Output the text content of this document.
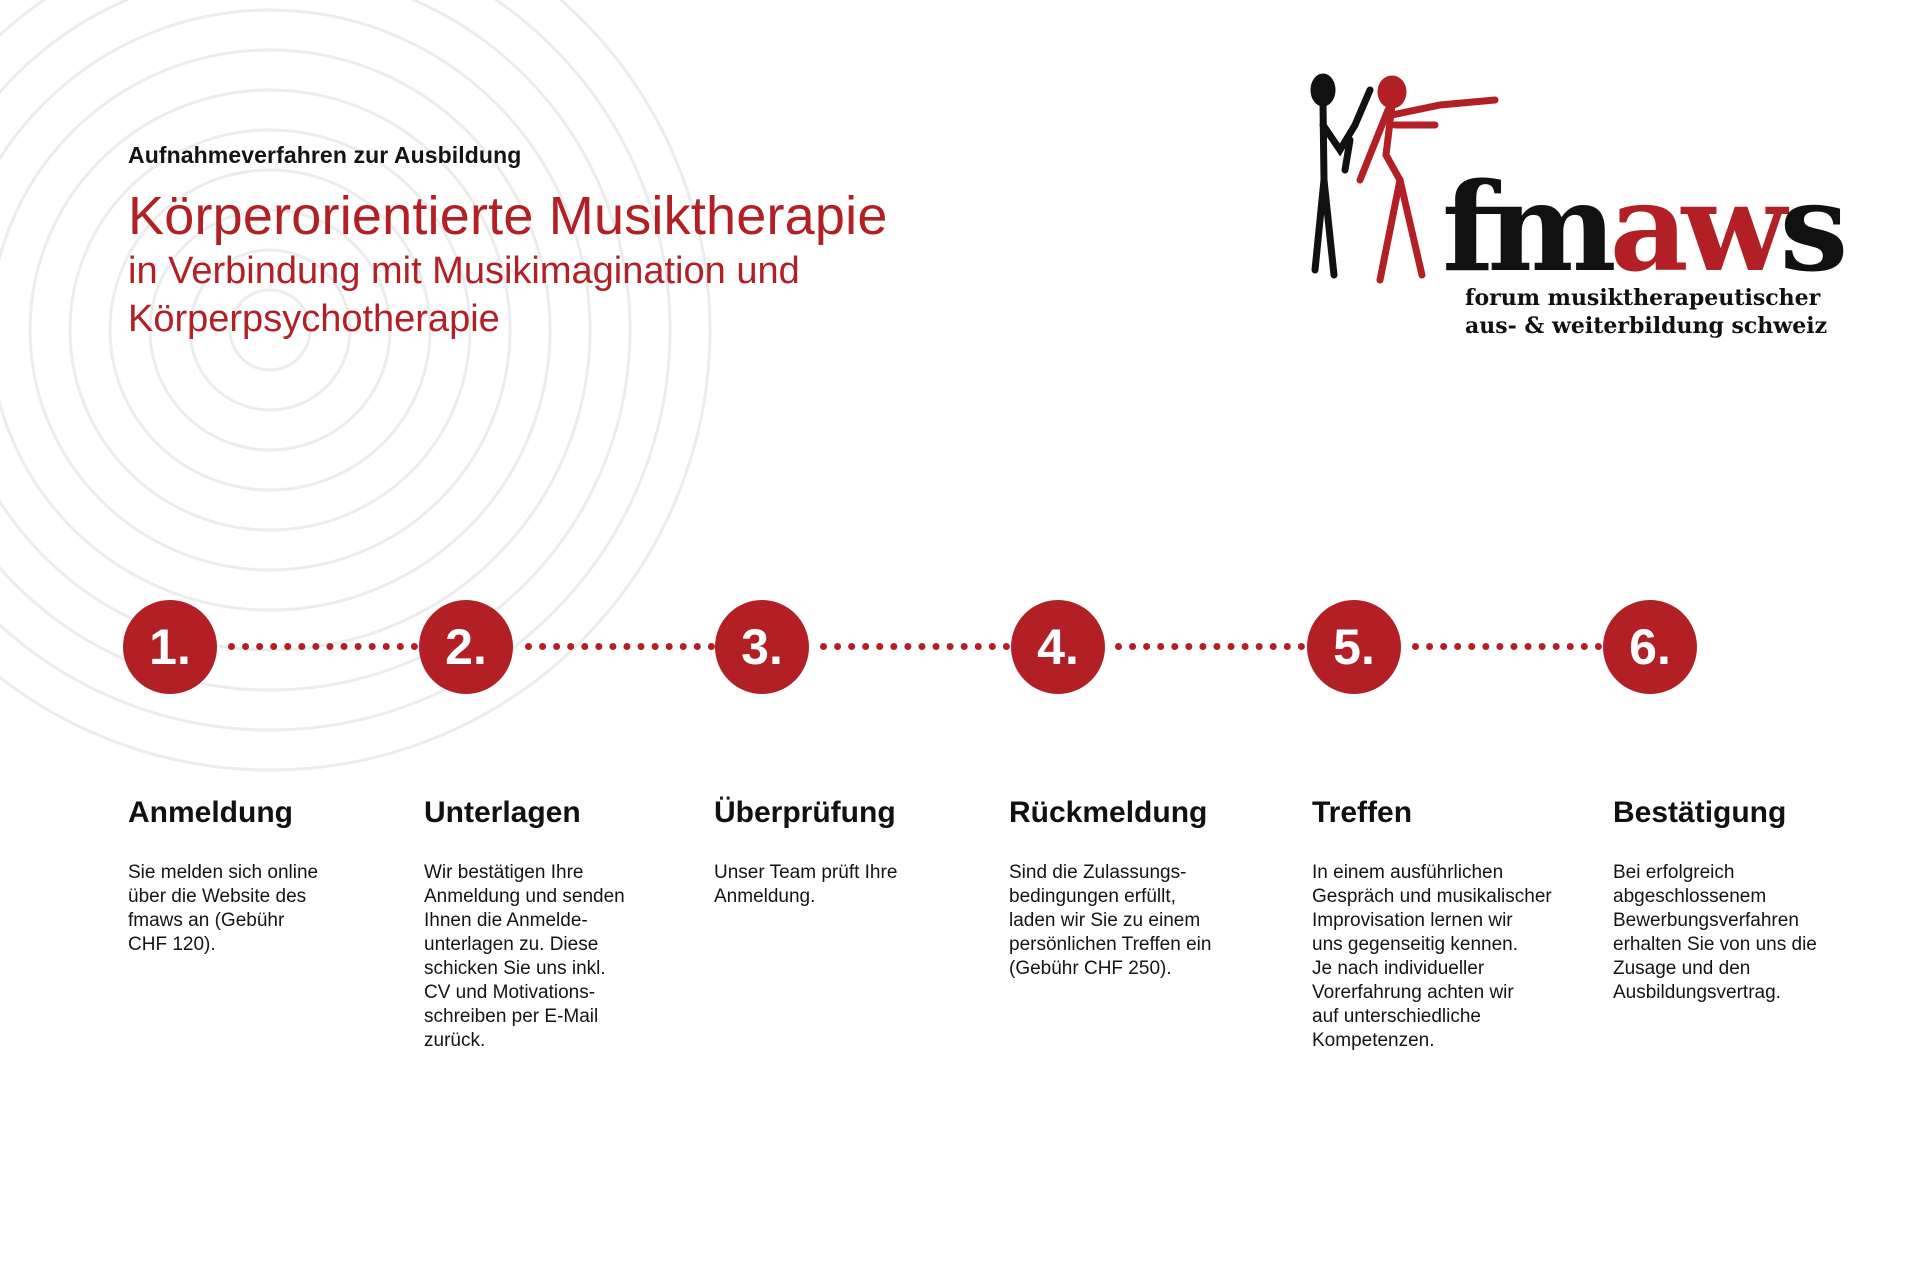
Aufnahmeverfahren zur Ausbildung

Körperorientierte Musiktherapie

in Verbindung mit Musikimagination und

Körperpsychotherapie

fmaws
forum musiktherapeutischer
aus- & weiterbildung schweiz
1.	2.	3.	4.	5.	6.
Anmeldung

Sie melden sich online
über die Website des
fmaws an (Gebühr
CHF 120).

Unterlagen

Wir bestätigen Ihre
Anmeldung und senden
Ihnen die Anmelde-
unterlagen zu. Diese
schicken Sie uns inkl.
CV und Motivations-
schreiben per E-Mail
zurück.

Überprüfung

Unser Team prüft Ihre
Anmeldung.

Rückmeldung

Sind die Zulassungs-
bedingungen erfüllt,
laden wir Sie zu einem
persönlichen Treffen ein
(Gebühr CHF 250).

Treffen

In einem ausführlichen
Gespräch und musikalischer
Improvisation lernen wir
uns gegenseitig kennen.
Je nach individueller
Vorerfahrung achten wir
auf unterschiedliche
Kompetenzen.

Bestätigung

Bei erfolgreich
abgeschlossenem
Bewerbungsverfahren
erhalten Sie von uns die
Zusage und den
Ausbildungsvertrag.
